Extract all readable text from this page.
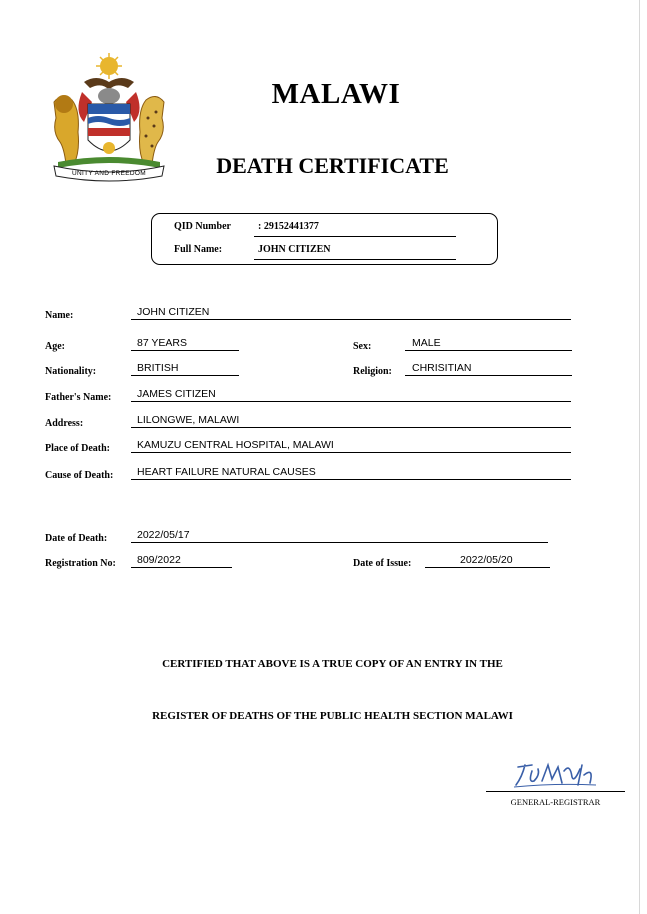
UNITY AND FREEDOM
MALAWI
DEATH CERTIFICATE
QID Number	: 29152441377
Full Name:	JOHN CITIZEN
Name:	JOHN CITIZEN
Age:	87 YEARS	Sex:	MALE
Nationality:	BRITISH	Religion: CHRISITIAN
Father's Name: JAMES CITIZEN
Address:	LILONGWE, MALAWI
Place of Death:	KAMUZU CENTRAL HOSPITAL, MALAWI
Cause of Death: HEART FAILURE NATURAL CAUSES
Date of Death:	2022/05/17
Registration No: 809/2022	Date of Issue:	2022/05/20
CERTIFIED THAT ABOVE IS A TRUE COPY OF AN ENTRY IN THE
REGISTER OF DEATHS OF THE PUBLIC HEALTH SECTION MALAWI
GENERAL-REGISTRAR
